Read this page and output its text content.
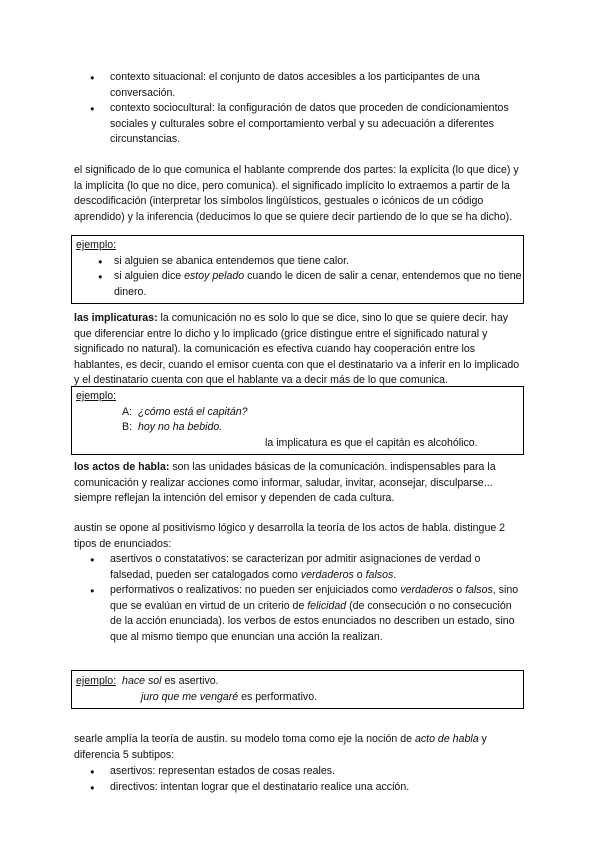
● contexto situacional: el conjunto de datos accesibles a los participantes de una conversación.
● contexto sociocultural: la configuración de datos que proceden de condicionamientos sociales y culturales sobre el comportamiento verbal y su adecuación a diferentes circunstancias.

el significado de lo que comunica el hablante comprende dos partes: la explícita (lo que dice) y la implícita (lo que no dice, pero comunica). el significado implícito lo extraemos a partir de la descodificación (interpretar los símbolos lingüísticos, gestuales o icónicos de un código aprendido) y la inferencia (deducimos lo que se quiere decir partiendo de lo que se ha dicho).

ejemplo:
● si alguien se abanica entendemos que tiene calor.
● si alguien dice estoy pelado cuando le dicen de salir a cenar, entendemos que no tiene dinero.

las implicaturas: la comunicación no es solo lo que se dice, sino lo que se quiere decir. hay que diferenciar entre lo dicho y lo implicado (grice distingue entre el significado natural y significado no natural). la comunicación es efectiva cuando hay cooperación entre los hablantes, es decir, cuando el emisor cuenta con que el destinatario va a inferir en lo implicado y el destinatario cuenta con que el hablante va a decir más de lo que comunica.

ejemplo:
A: ¿cómo está el capitán?
B: hoy no ha bebido.
la implicatura es que el capitán es alcohólico.

los actos de habla: son las unidades básicas de la comunicación. indispensables para la comunicación y realizar acciones como informar, saludar, invitar, aconsejar, disculparse... siempre reflejan la intención del emisor y dependen de cada cultura.

austin se opone al positivismo lógico y desarrolla la teoría de los actos de habla. distingue 2 tipos de enunciados:

● asertivos o constatativos: se caracterizan por admitir asignaciones de verdad o falsedad, pueden ser catalogados como verdaderos o falsos.
● performativos o realizativos: no pueden ser enjuiciados como verdaderos o falsos, sino que se evalúan en virtud de un criterio de felicidad (de consecución o no consecución de la acción enunciada). los verbos de estos enunciados no describen un estado, sino que al mismo tiempo que enuncian una acción la realizan.
ejemplo: hace sol es asertivo.
juro que me vengaré es performativo.

searle amplía la teoría de austin. su modelo toma como eje la noción de acto de habla y diferencia 5 subtipos:

● asertivos: representan estados de cosas reales.
● directivos: intentan lograr que el destinatario realice una acción.
